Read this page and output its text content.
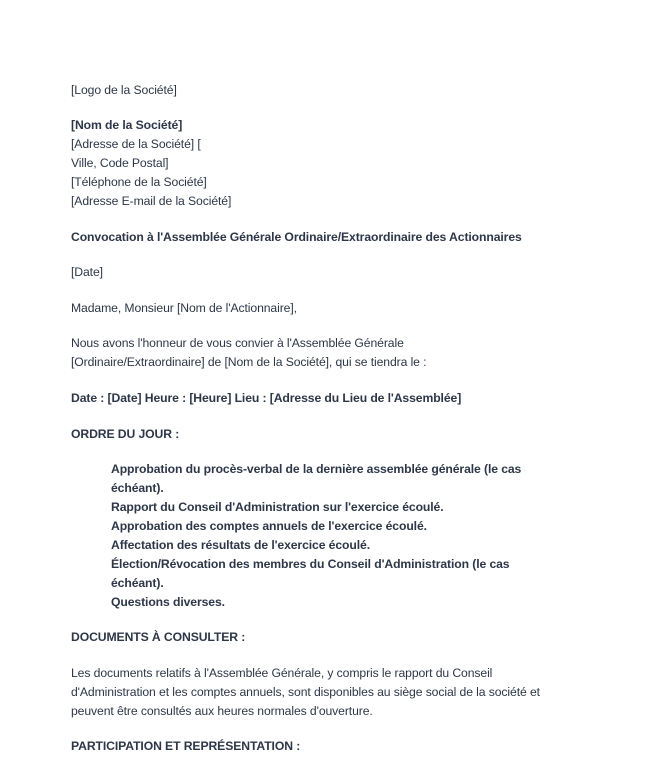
[Logo de la Société]
[Nom de la Société]
[Adresse de la Société] [
Ville, Code Postal]
[Téléphone de la Société]
[Adresse E-mail de la Société]
Convocation à l'Assemblée Générale Ordinaire/Extraordinaire des Actionnaires
[Date]
Madame, Monsieur [Nom de l'Actionnaire],
Nous avons l'honneur de vous convier à l'Assemblée Générale
[Ordinaire/Extraordinaire] de [Nom de la Société], qui se tiendra le :
Date : [Date] Heure : [Heure] Lieu : [Adresse du Lieu de l'Assemblée]
ORDRE DU JOUR :
Approbation du procès-verbal de la dernière assemblée générale (le cas échéant).
Rapport du Conseil d'Administration sur l'exercice écoulé.
Approbation des comptes annuels de l'exercice écoulé.
Affectation des résultats de l'exercice écoulé.
Élection/Révocation des membres du Conseil d'Administration (le cas échéant).
Questions diverses.
DOCUMENTS À CONSULTER :
Les documents relatifs à l'Assemblée Générale, y compris le rapport du Conseil d'Administration et les comptes annuels, sont disponibles au siège social de la société et peuvent être consultés aux heures normales d'ouverture.
PARTICIPATION ET REPRÉSENTATION :
